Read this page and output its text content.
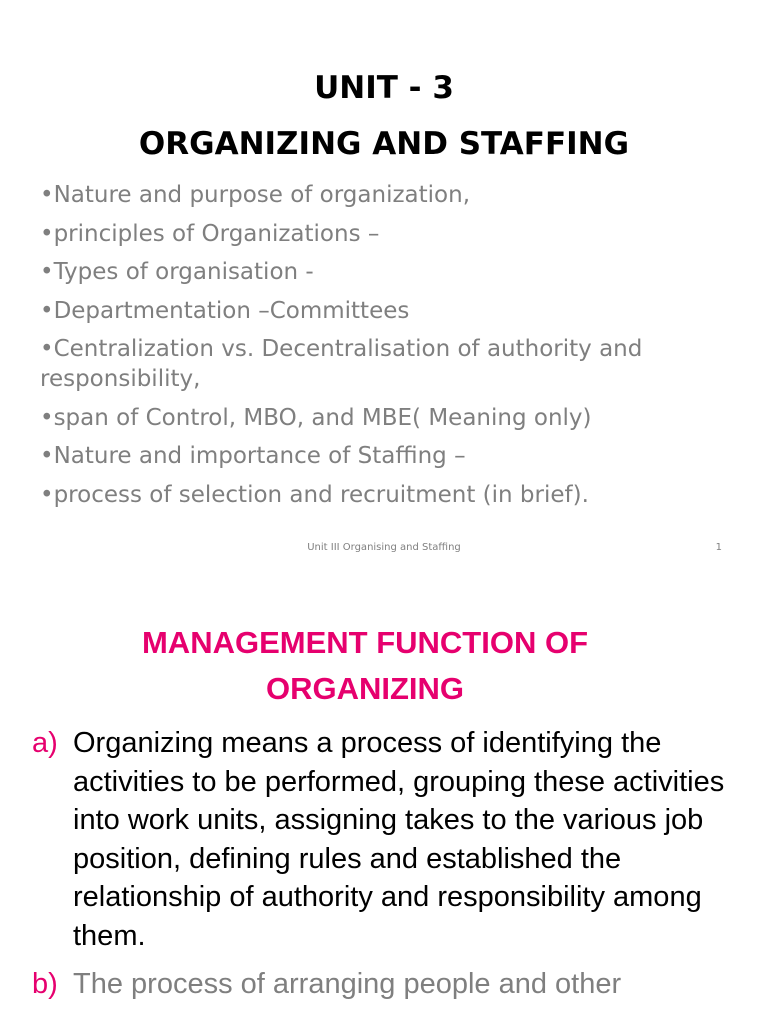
UNIT - 3
ORGANIZING AND STAFFING
•Nature and purpose of organization,
•principles of Organizations –
•Types of organisation -
•Departmentation –Committees
•Centralization vs. Decentralisation of authority and responsibility,
•span of Control, MBO, and MBE( Meaning only)
•Nature and importance of Staffing –
•process of selection and recruitment (in brief).
Unit III Organising and Staffing	1
MANAGEMENT FUNCTION OF
ORGANIZING
a) Organizing means a process of identifying the activities to be performed, grouping these activities into work units, assigning takes to the various job position, defining rules and established the relationship of authority and responsibility among them.
b) The process of arranging people and other
